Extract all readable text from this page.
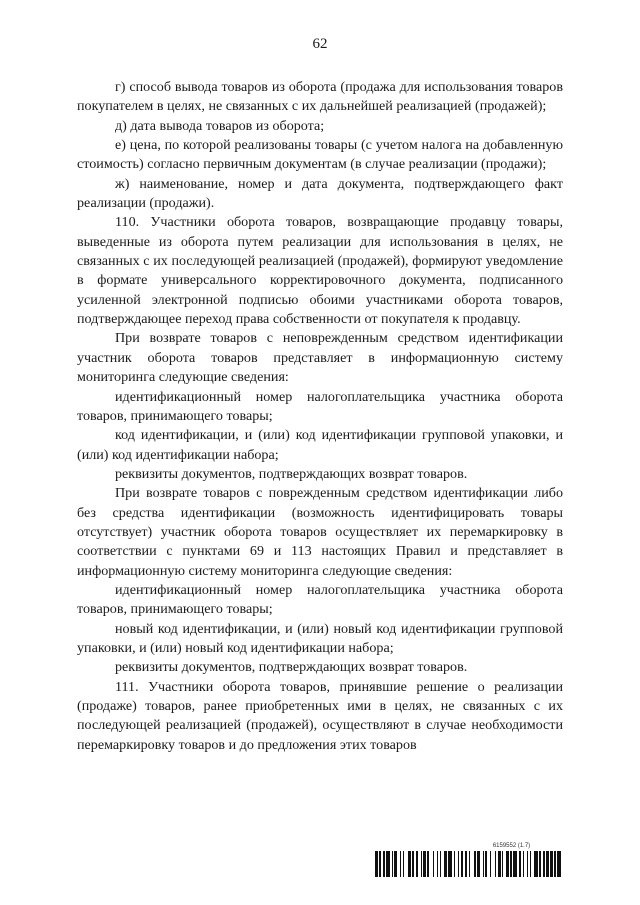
62

г) способ вывода товаров из оборота (продажа для использования товаров покупателем в целях, не связанных с их дальнейшей реализацией (продажей);

д) дата вывода товаров из оборота;

е) цена, по которой реализованы товары (с учетом налога на добавленную стоимость) согласно первичным документам (в случае реализации (продажи);

ж) наименование, номер и дата документа, подтверждающего факт реализации (продажи).

110. Участники оборота товаров, возвращающие продавцу товары, выведенные из оборота путем реализации для использования в целях, не связанных с их последующей реализацией (продажей), формируют уведомление в формате универсального корректировочного документа, подписанного усиленной электронной подписью обоими участниками оборота товаров, подтверждающее переход права собственности от покупателя к продавцу.

При возврате товаров с неповрежденным средством идентификации участник оборота товаров представляет в информационную систему мониторинга следующие сведения:

идентификационный номер налогоплательщика участника оборота товаров, принимающего товары;

код идентификации, и (или) код идентификации групповой упаковки, и (или) код идентификации набора;

реквизиты документов, подтверждающих возврат товаров.

При возврате товаров с поврежденным средством идентификации либо без средства идентификации (возможность идентифицировать товары отсутствует) участник оборота товаров осуществляет их перемаркировку в соответствии с пунктами 69 и 113 настоящих Правил и представляет в информационную систему мониторинга следующие сведения:

идентификационный номер налогоплательщика участника оборота товаров, принимающего товары;

новый код идентификации, и (или) новый код идентификации групповой упаковки, и (или) новый код идентификации набора;

реквизиты документов, подтверждающих возврат товаров.

111. Участники оборота товаров, принявшие решение о реализации (продаже) товаров, ранее приобретенных ими в целях, не связанных с их последующей реализацией (продажей), осуществляют в случае необходимости перемаркировку товаров и до предложения этих товаров

6159552 (1.7)
